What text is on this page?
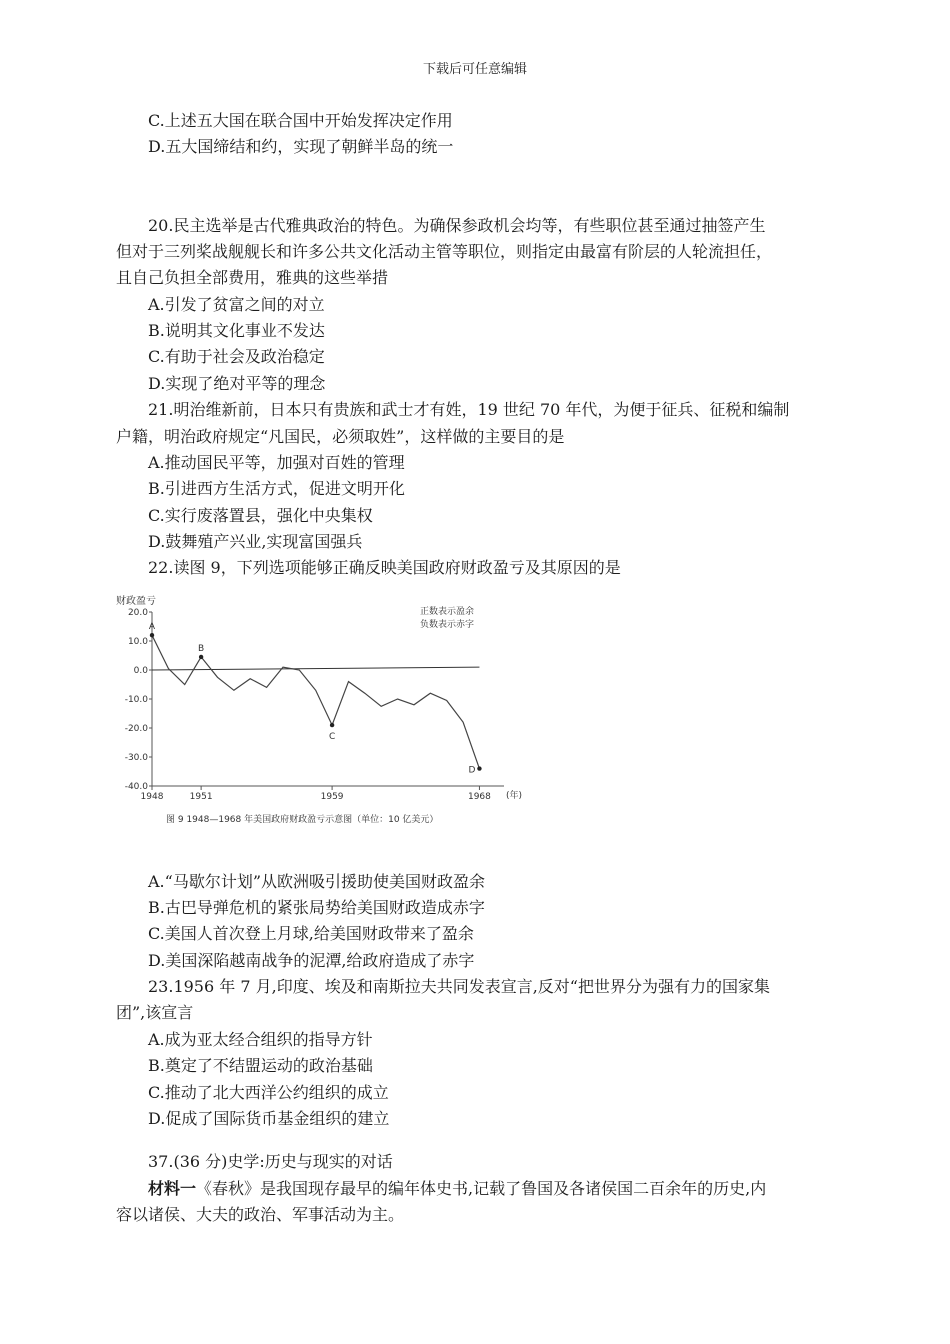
下载后可任意编辑
C.上述五大国在联合国中开始发挥决定作用
D.五大国缔结和约，实现了朝鲜半岛的统一
20.民主选举是古代雅典政治的特色。为确保参政机会均等，有些职位甚至通过抽签产生
但对于三列桨战舰舰长和许多公共文化活动主管等职位，则指定由最富有阶层的人轮流担任，
且自己负担全部费用，雅典的这些举措
A.引发了贫富之间的对立
B.说明其文化事业不发达
C.有助于社会及政治稳定
D.实现了绝对平等的理念
21.明治维新前，日本只有贵族和武士才有姓，19 世纪 70 年代，为便于征兵、征税和编制
户籍，明治政府规定“凡国民，必须取姓”，这样做的主要目的是
A.推动国民平等，加强对百姓的管理
B.引进西方生活方式，促进文明开化
C.实行废落置县，强化中央集权
D.鼓舞殖产兴业,实现富国强兵
22.读图 9，下列选项能够正确反映美国政府财政盈亏及其原因的是
财政盈亏
正数表示盈余
负数表示赤字
20.0
10.0
0.0
-10.0
-20.0
-30.0
-40.0
1948	1951	1959	1968
A
B
C
D
(年)
图 9 1948—1968 年美国政府财政盈亏示意图（单位：10 亿美元）
A.“马歇尔计划”从欧洲吸引援助使美国财政盈余
B.古巴导弹危机的紧张局势给美国财政造成赤字
C.美国人首次登上月球,给美国财政带来了盈余
D.美国深陷越南战争的泥潭,给政府造成了赤字
23.1956 年 7 月,印度、埃及和南斯拉夫共同发表宣言,反对“把世界分为强有力的国家集
团”,该宣言
A.成为亚太经合组织的指导方针
B.奠定了不结盟运动的政治基础
C.推动了北大西洋公约组织的成立
D.促成了国际货币基金组织的建立
37.(36 分)史学:历史与现实的对话
材料一《春秋》是我国现存最早的编年体史书,记载了鲁国及各诸侯国二百余年的历史,内
容以诸侯、大夫的政治、军事活动为主。
